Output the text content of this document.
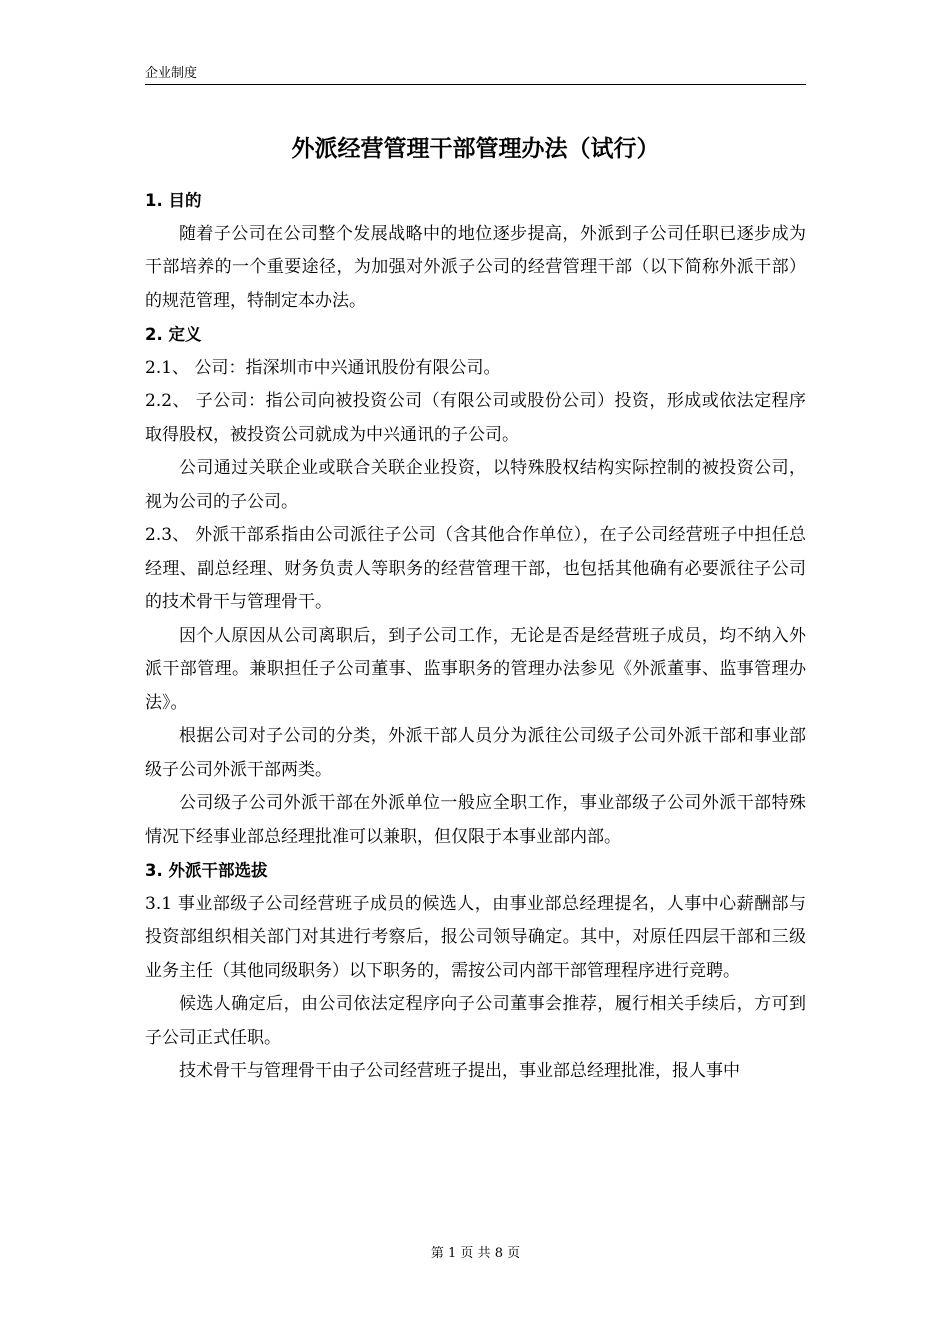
企业制度
外派经营管理干部管理办法（试行）

1. 目的

随着子公司在公司整个发展战略中的地位逐步提高，外派到子公司任职已逐步成为干部培养的一个重要途径，为加强对外派子公司的经营管理干部（以下简称外派干部）的规范管理，特制定本办法。

2. 定义

2.1、 公司：指深圳市中兴通讯股份有限公司。

2.2、 子公司：指公司向被投资公司（有限公司或股份公司）投资，形成或依法定程序取得股权，被投资公司就成为中兴通讯的子公司。

公司通过关联企业或联合关联企业投资，以特殊股权结构实际控制的被投资公司，视为公司的子公司。

2.3、 外派干部系指由公司派往子公司（含其他合作单位），在子公司经营班子中担任总经理、副总经理、财务负责人等职务的经营管理干部，也包括其他确有必要派往子公司的技术骨干与管理骨干。

因个人原因从公司离职后，到子公司工作，无论是否是经营班子成员，均不纳入外派干部管理。兼职担任子公司董事、监事职务的管理办法参见《外派董事、监事管理办法》。

根据公司对子公司的分类，外派干部人员分为派往公司级子公司外派干部和事业部级子公司外派干部两类。

公司级子公司外派干部在外派单位一般应全职工作，事业部级子公司外派干部特殊情况下经事业部总经理批准可以兼职，但仅限于本事业部内部。

3. 外派干部选拔

3.1 事业部级子公司经营班子成员的候选人，由事业部总经理提名，人事中心薪酬部与投资部组织相关部门对其进行考察后，报公司领导确定。其中，对原任四层干部和三级业务主任（其他同级职务）以下职务的，需按公司内部干部管理程序进行竞聘。

候选人确定后，由公司依法定程序向子公司董事会推荐，履行相关手续后，方可到子公司正式任职。

技术骨干与管理骨干由子公司经营班子提出，事业部总经理批准，报人事中

第 1 页 共 8 页
